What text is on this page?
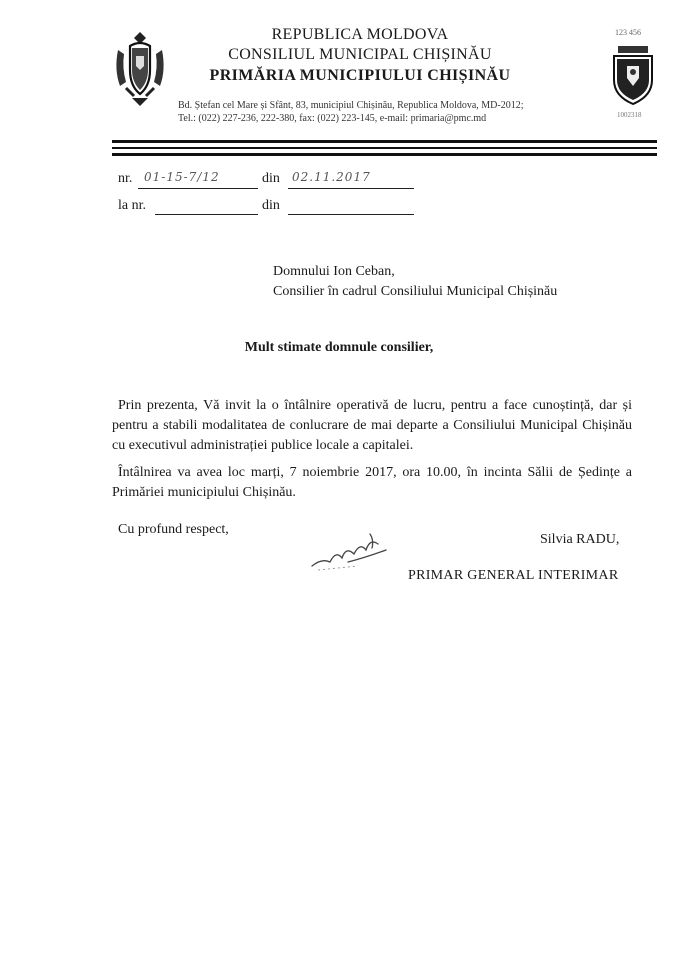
123 456
REPUBLICA MOLDOVA
CONSILIUL MUNICIPAL CHIȘINĂU
PRIMĂRIA MUNICIPIULUI CHIȘINĂU
Bd. Ștefan cel Mare și Sfânt, 83, municipiul Chișinău, Republica Moldova, MD-2012;
Tel.: (022) 227-236, 222-380, fax: (022) 223-145, e-mail: primaria@pmc.md	1002318
nr. 01-15-7/12	din 02.11.2017
la nr.	din
Domnului Ion Ceban,
Consilier în cadrul Consiliului Municipal Chișinău
Mult stimate domnule consilier,
Prin prezenta, Vă invit la o întâlnire operativă de lucru, pentru a face cunoștință, dar și pentru a stabili modalitatea de conlucrare de mai departe a Consiliului Municipal Chișinău cu executivul administrației publice locale a capitalei.
Întâlnirea va avea loc marți, 7 noiembrie 2017, ora 10.00, în incinta Sălii de Ședințe a Primăriei municipiului Chișinău.
Cu profund respect,
Silvia RADU,
PRIMAR GENERAL INTERIMAR
